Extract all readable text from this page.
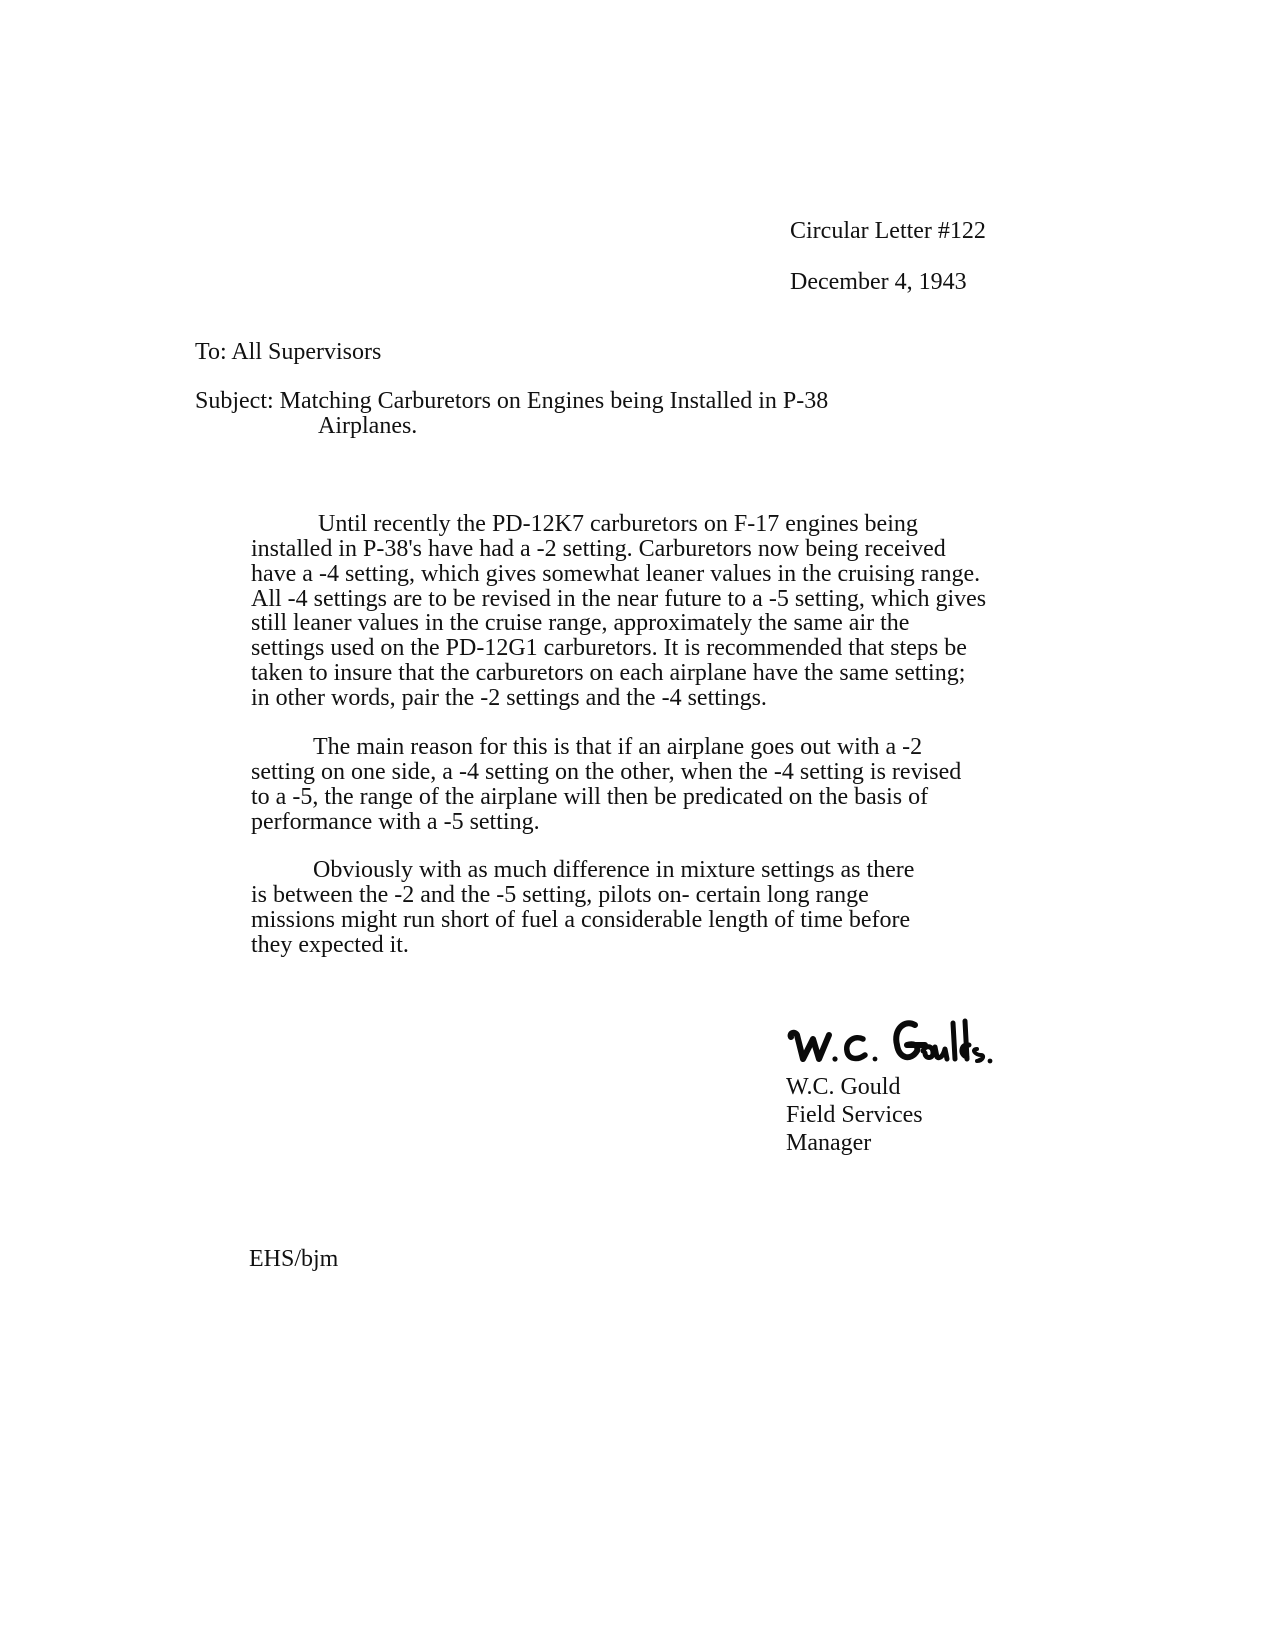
Circular Letter #122

December 4, 1943

To: All Supervisors

Subject: Matching Carburetors on Engines being Installed in P-38

Airplanes.

Until recently the PD-12K7 carburetors on F-17 engines being

installed in P-38's have had a -2 setting. Carburetors now being received

have a -4 setting, which gives somewhat leaner values in the cruising range.

All -4 settings are to be revised in the near future to a -5 setting, which gives

still leaner values in the cruise range, approximately the same air the

settings used on the PD-12G1 carburetors. It is recommended that steps be

taken to insure that the carburetors on each airplane have the same setting;

in other words, pair the -2 settings and the -4 settings.

The main reason for this is that if an airplane goes out with a -2

setting on one side, a -4 setting on the other, when the -4 setting is revised

to a -5, the range of the airplane will then be predicated on the basis of

performance with a -5 setting.

Obviously with as much difference in mixture settings as there

is between the -2 and the -5 setting, pilots on- certain long range

missions might run short of fuel a considerable length of time before

they expected it.

W.C. Gould

Field Services

Manager

EHS/bjm
